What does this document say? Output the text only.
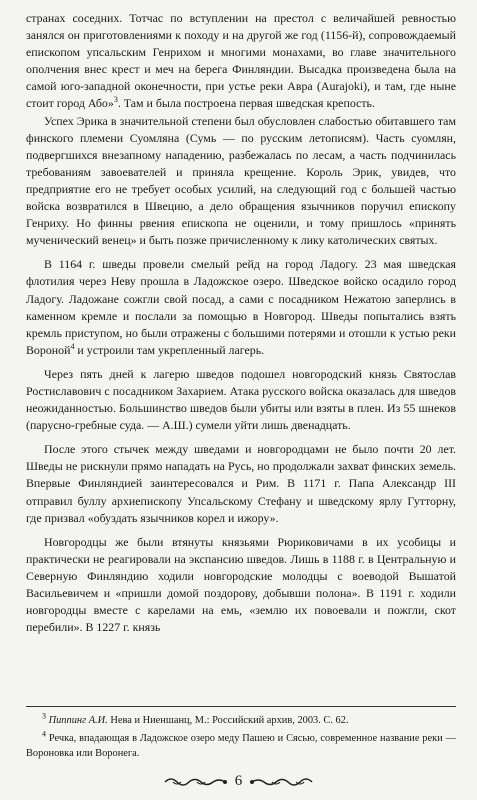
странах соседних. Тотчас по вступлении на престол с величайшей ревностью занялся он приготовлениями к походу и на другой же год (1156-й), сопровождаемый епископом упсальским Генрихом и многими монахами, во главе значительного ополчения внес крест и меч на берега Финляндии. Высадка произведена была на самой юго-западной оконечности, при устье реки Авра (Aurajoki), и там, где ныне стоит город Або»$^3$. Там и была построена первая шведская крепость.

Успех Эрика в значительной степени был обусловлен слабостью обитавшего там финского племени Суомляна (Сумь — по русским летописям). Часть суомлян, подвергшихся внезапному нападению, разбежалась по лесам, а часть подчинилась требованиям завоевателей и приняла крещение. Король Эрик, увидев, что предприятие его не требует особых усилий, на следующий год с большей частью войска возвратился в Швецию, а дело обращения язычников поручил епископу Генриху. Но финны рвения епископа не оценили, и тому пришлось «принять мученический венец» и быть позже причисленному к лику католических святых.

В 1164 г. шведы провели смелый рейд на город Ладогу. 23 мая шведская флотилия через Неву прошла в Ладожское озеро. Шведское войско осадило город Ладогу. Ладожане сожгли свой посад, а сами с посадником Нежатою заперлись в каменном кремле и послали за помощью в Новгород. Шведы попытались взять кремль приступом, но были отражены с большими потерями и отошли к устью реки Вороной$^4$ и устроили там укрепленный лагерь.

Через пять дней к лагерю шведов подошел новгородский князь Святослав Ростиславович с посадником Захарием. Атака русского войска оказалась для шведов неожиданностью. Большинство шведов были убиты или взяты в плен. Из 55 шнеков (парусно-гребные суда. — А.Ш.) сумели уйти лишь двенадцать.

После этого стычек между шведами и новгородцами не было почти 20 лет. Шведы не рискнули прямо нападать на Русь, но продолжали захват финских земель. Впервые Финляндией заинтересовался и Рим. В 1171 г. Папа Александр III отправил буллу архиепископу Упсальскому Стефану и шведскому ярлу Гутторну, где призвал «обуздать язычников корел и ижору».

Новгородцы же были втянуты князьями Рюриковичами в их усобицы и практически не реагировали на экспансию шведов. Лишь в 1188 г. в Центральную и Северную Финляндию ходили новгородские молодцы с воеводой Вышатой Васильевичем и «пришли домой поздорову, добывши полона». В 1191 г. ходили новгородцы вместе с карелами на емь, «землю их повоевали и пожгли, скот перебили». В 1227 г. князь

$^3$ Пиппинг А.И. Нева и Ниеншанц, М.: Российский архив, 2003. С. 62.

$^4$ Речка, впадающая в Ладожское озеро меду Пашею и Сясью, современное название реки — Вороновка или Воронега.

6
